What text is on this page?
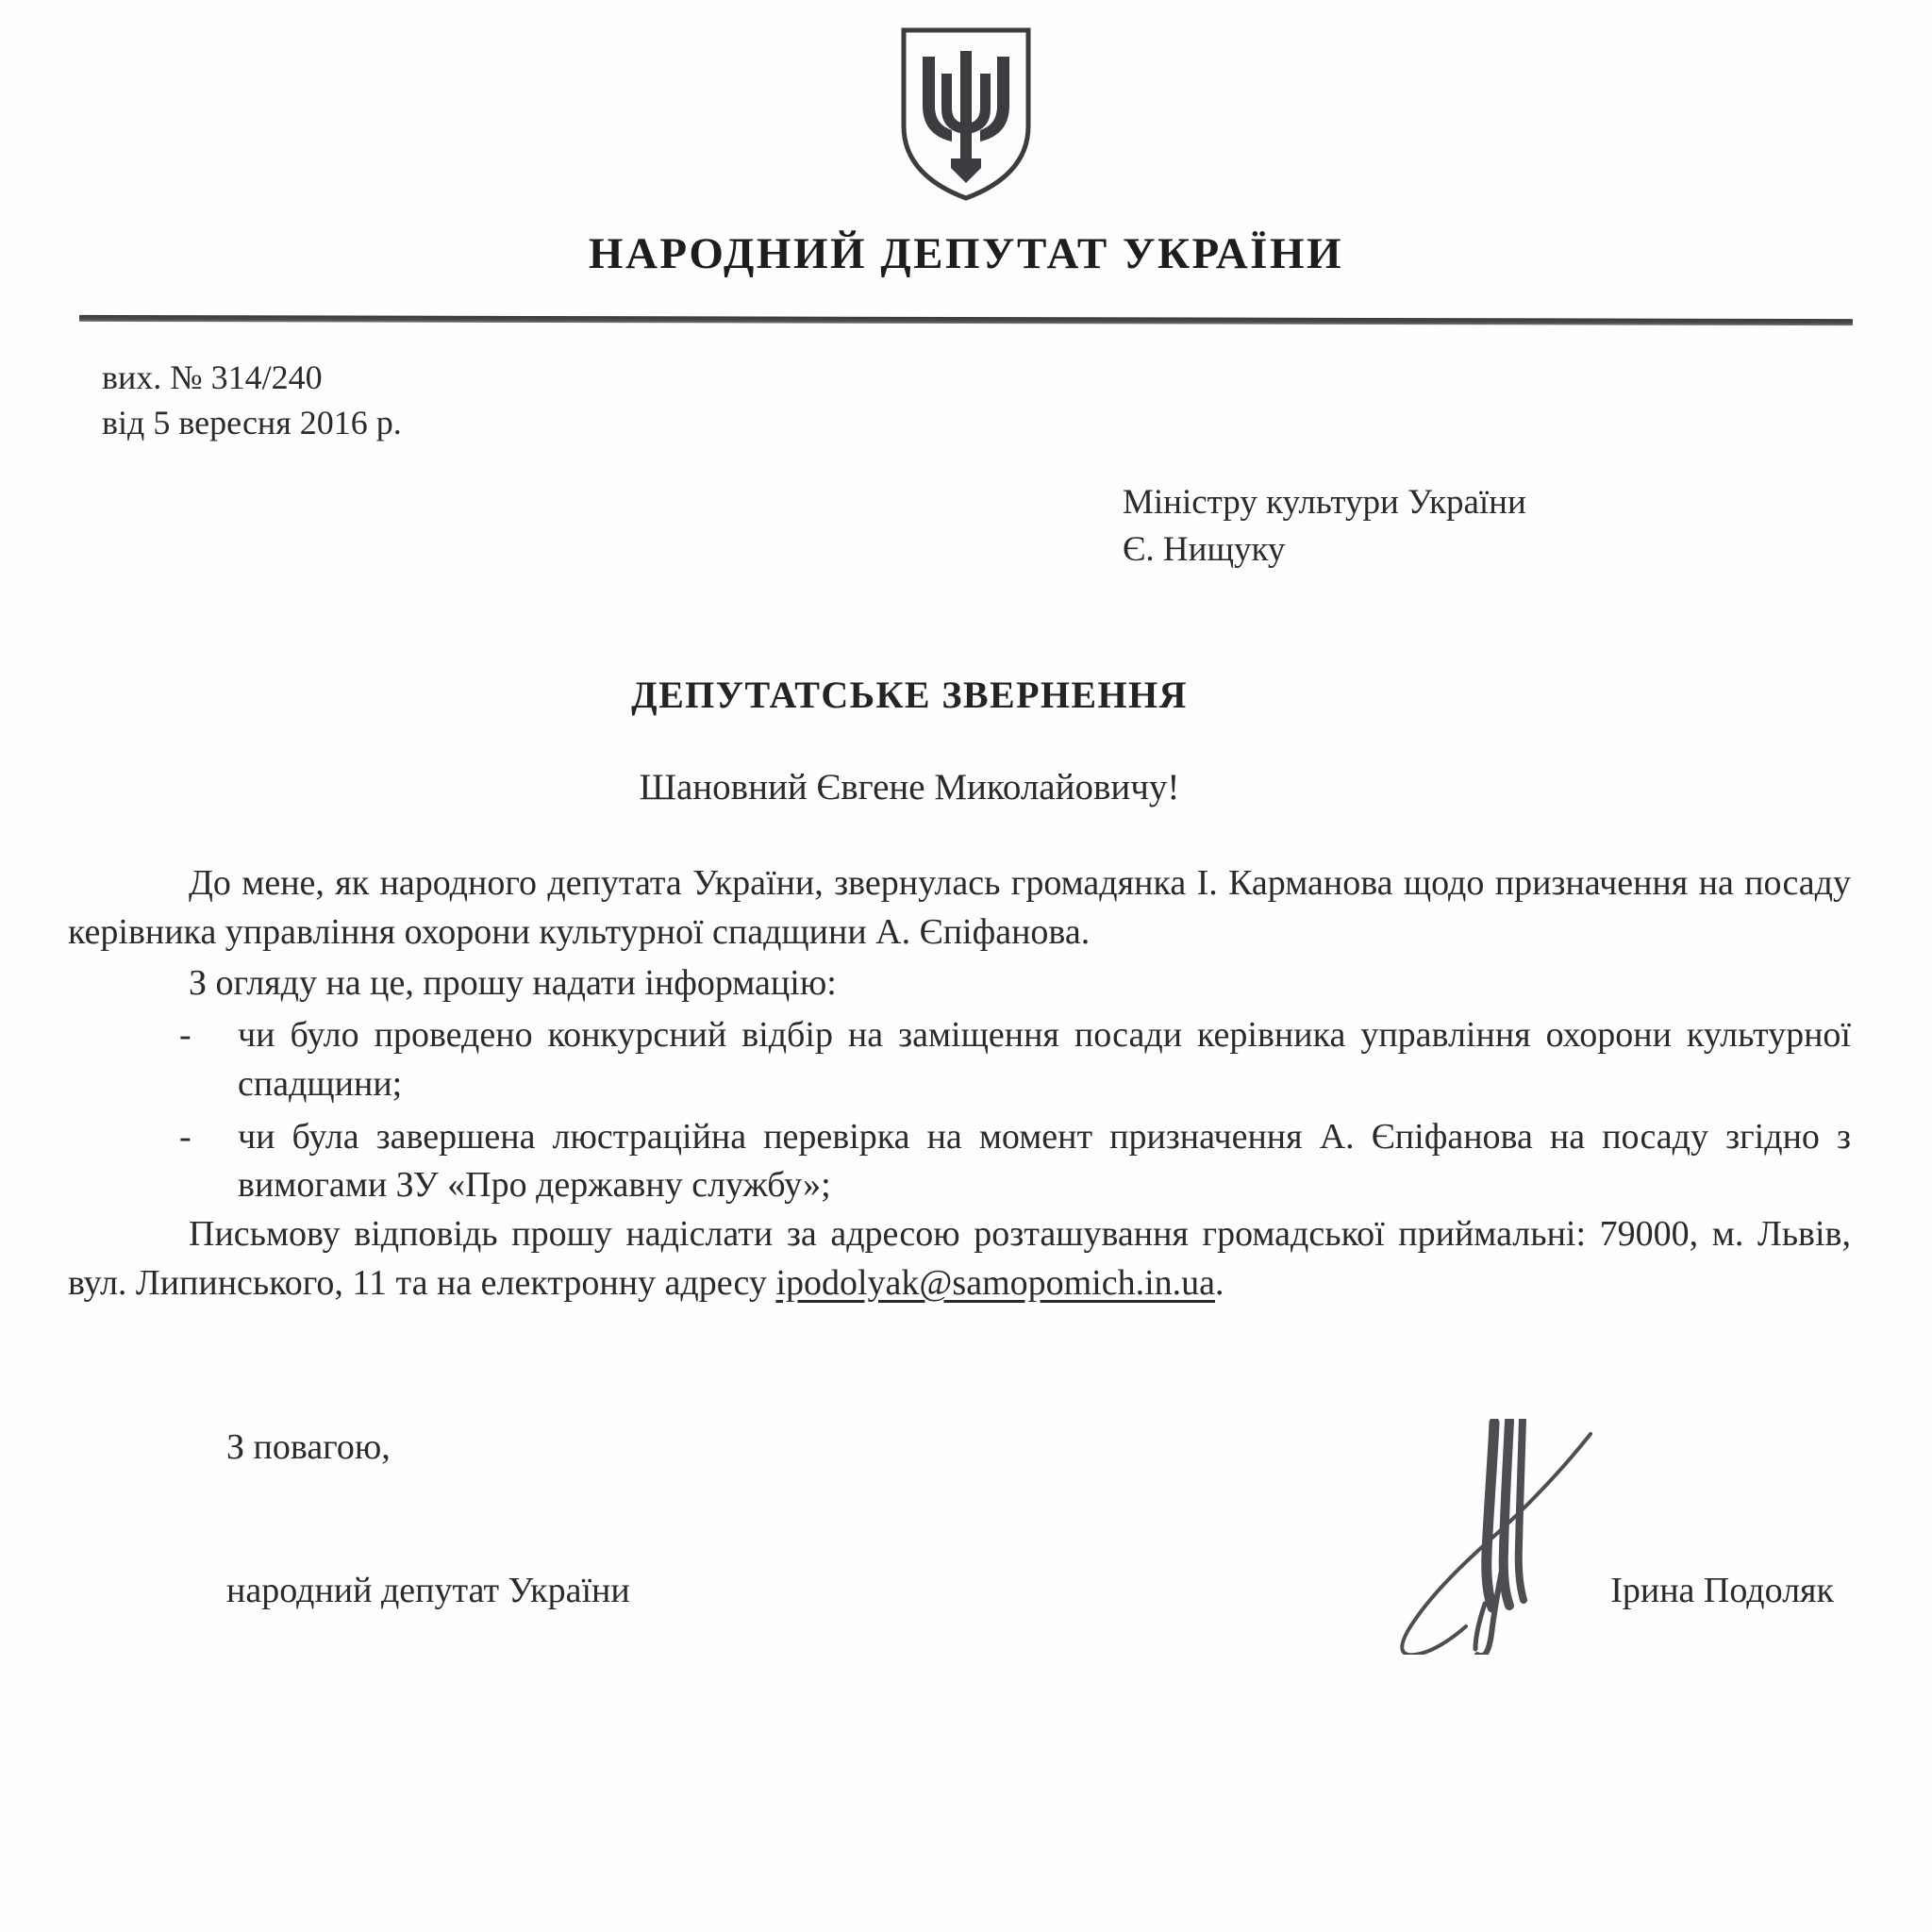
НАРОДНИЙ ДЕПУТАТ УКРАЇНИ
вих. № 314/240
від 5 вересня 2016 р.
Міністру культури України
Є. Нищуку
ДЕПУТАТСЬКЕ ЗВЕРНЕННЯ
Шановний Євгене Миколайовичу!

До мене, як народного депутата України, звернулась громадянка І. Карманова щодо призначення на посаду керівника управління охорони культурної спадщини А. Єпіфанова.

З огляду на це, прошу надати інформацію:

- чи було проведено конкурсний відбір на заміщення посади керівника управління охорони культурної спадщини;
- чи була завершена люстраційна перевірка на момент призначення А. Єпіфанова на посаду згідно з вимогами ЗУ «Про державну службу»;

Письмову відповідь прошу надіслати за адресою розташування громадської приймальні: 79000, м. Львів, вул. Липинського, 11 та на електронну адресу ipodolyak@samopomich.in.ua.

З повагою,
народний депутат України	Ірина Подоляк
